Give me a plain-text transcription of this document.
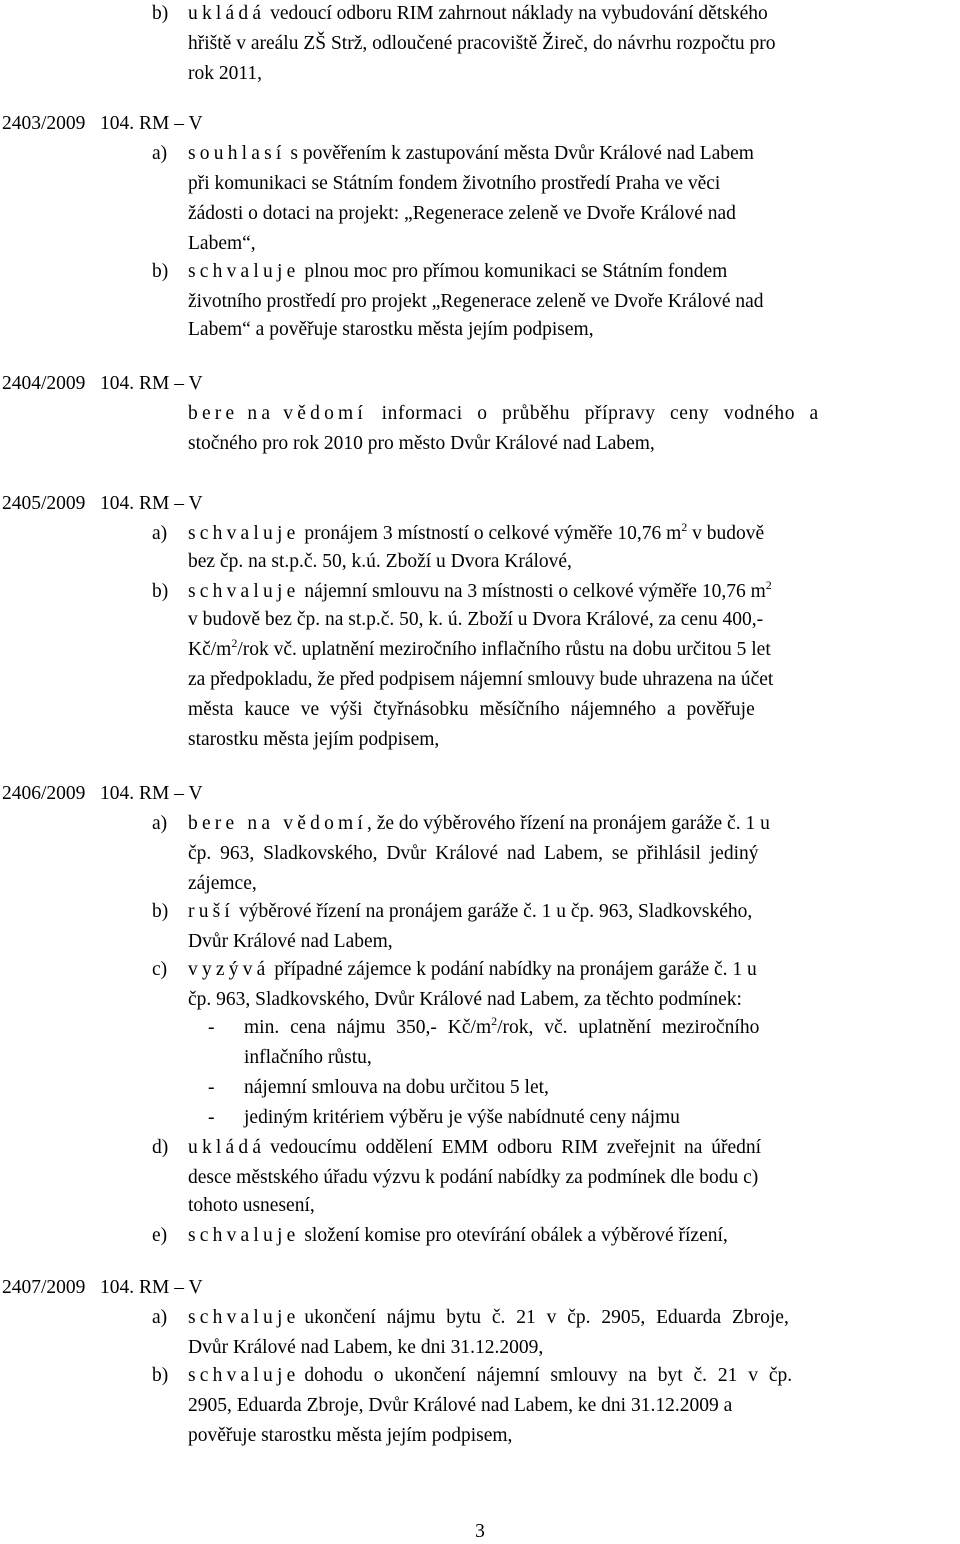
b) ukládá vedoucí odboru RIM zahrnout náklady na vybudování dětského
hřiště v areálu ZŠ Strž, odloučené pracoviště Žireč, do návrhu rozpočtu pro
rok 2011,
2403/2009 104. RM – V
a) souhlasí s pověřením k zastupování města Dvůr Králové nad Labem
při komunikaci se Státním fondem životního prostředí Praha ve věci
žádosti o dotaci na projekt: „Regenerace zeleně ve Dvoře Králové nad
Labem“,
b) schvaluje plnou moc pro přímou komunikaci se Státním fondem
životního prostředí pro projekt „Regenerace zeleně ve Dvoře Králové nad
Labem“ a pověřuje starostku města jejím podpisem,
2404/2009 104. RM – V
bere na vědomí informaci o průběhu přípravy ceny vodného a
stočného pro rok 2010 pro město Dvůr Králové nad Labem,
2405/2009 104. RM – V
a) schvaluje pronájem 3 místností o celkové výměře 10,76 $m^2$ v budově
bez čp. na st.p.č. 50, k.ú. Zboží u Dvora Králové,
b) schvaluje nájemní smlouvu na 3 místnosti o celkové výměře 10,76 $m^2$
v budově bez čp. na st.p.č. 50, k. ú. Zboží u Dvora Králové, za cenu 400,-
$Kč/m^2$/rok vč. uplatnění meziročního inflačního růstu na dobu určitou 5 let
za předpokladu, že před podpisem nájemní smlouvy bude uhrazena na účet
města kauce ve výši čtyřnásobku měsíčního nájemného a pověřuje
starostku města jejím podpisem,
2406/2009 104. RM – V
a) bere na vědomí, že do výběrového řízení na pronájem garáže č. 1 u
čp. 963, Sladkovského, Dvůr Králové nad Labem, se přihlásil jediný
zájemce,
b) ruší výběrové řízení na pronájem garáže č. 1 u čp. 963, Sladkovského,
Dvůr Králové nad Labem,
c) vyzývá případné zájemce k podání nabídky na pronájem garáže č. 1 u
čp. 963, Sladkovského, Dvůr Králové nad Labem, za těchto podmínek:
- min. cena nájmu 350,- $Kč/m^2$/rok, vč. uplatnění meziročního
inflačního růstu,
- nájemní smlouva na dobu určitou 5 let,
- jediným kritériem výběru je výše nabídnuté ceny nájmu
d) ukládá vedoucímu oddělení EMM odboru RIM zveřejnit na úřední
desce městského úřadu výzvu k podání nabídky za podmínek dle bodu c)
tohoto usnesení,
e) schvaluje složení komise pro otevírání obálek a výběrové řízení,
2407/2009 104. RM – V
a) schvaluje ukončení nájmu bytu č. 21 v čp. 2905, Eduarda Zbroje,
Dvůr Králové nad Labem, ke dni 31.12.2009,
b) schvaluje dohodu o ukončení nájemní smlouvy na byt č. 21 v čp.
2905, Eduarda Zbroje, Dvůr Králové nad Labem, ke dni 31.12.2009 a
pověřuje starostku města jejím podpisem,
3
